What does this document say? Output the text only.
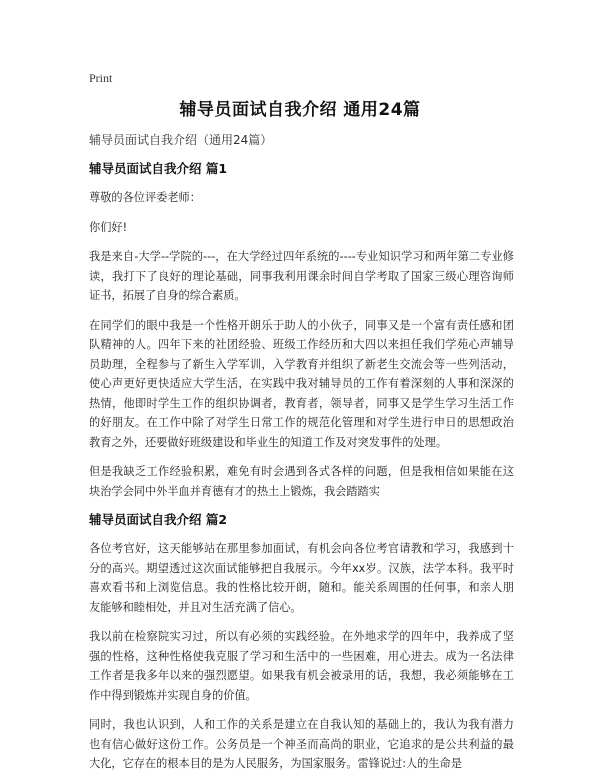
Print
辅导员面试自我介绍 通用24篇

辅导员面试自我介绍（通用24篇）

辅导员面试自我介绍 篇1

尊敬的各位评委老师：

你们好!

我是来自-大学--学院的---，在大学经过四年系统的----专业知识学习和两年第二专业修读，我打下了良好的理论基础，同事我利用课余时间自学考取了国家三级心理咨询师证书，拓展了自身的综合素质。

在同学们的眼中我是一个性格开朗乐于助人的小伙子，同事又是一个富有责任感和团队精神的人。四年下来的社团经验、班级工作经历和大四以来担任我们学苑心声辅导员助理，全程参与了新生入学军训，入学教育并组织了新老生交流会等一些列活动，使心声更好更快适应大学生活，在实践中我对辅导员的工作有着深刻的人事和深深的热情，他即时学生工作的组织协调者，教育者，领导者，同事又是学生学习生活工作的好朋友。在工作中除了对学生日常工作的规范化管理和对学生进行申日的思想政治教育之外，还要做好班级建设和毕业生的知道工作及对突发事件的处理。

但是我缺乏工作经验积累，难免有时会遇到各式各样的问题，但是我相信如果能在这块治学会同中外半血并育德有才的热土上锻炼，我会踏踏实

辅导员面试自我介绍 篇2

各位考官好，这天能够站在那里参加面试，有机会向各位考官请教和学习，我感到十分的高兴。期望透过这次面试能够把自我展示。今年xx岁。汉族，法学本科。我平时喜欢看书和上浏览信息。我的性格比较开朗，随和。能关系周围的任何事，和亲人朋友能够和睦相处，并且对生活充满了信心。

我以前在检察院实习过，所以有必须的实践经验。在外地求学的四年中，我养成了坚强的性格，这种性格使我克服了学习和生活中的一些困难，用心进去。成为一名法律工作者是我多年以来的强烈愿望。如果我有机会被录用的话，我想，我必须能够在工作中得到锻炼并实现自身的价值。

同时，我也认识到，人和工作的关系是建立在自我认知的基础上的，我认为我有潜力也有信心做好这份工作。公务员是一个神圣而高尚的职业，它追求的是公共利益的最大化，它存在的根本目的是为人民服务，为国家服务。雷锋说过:人的生命是
